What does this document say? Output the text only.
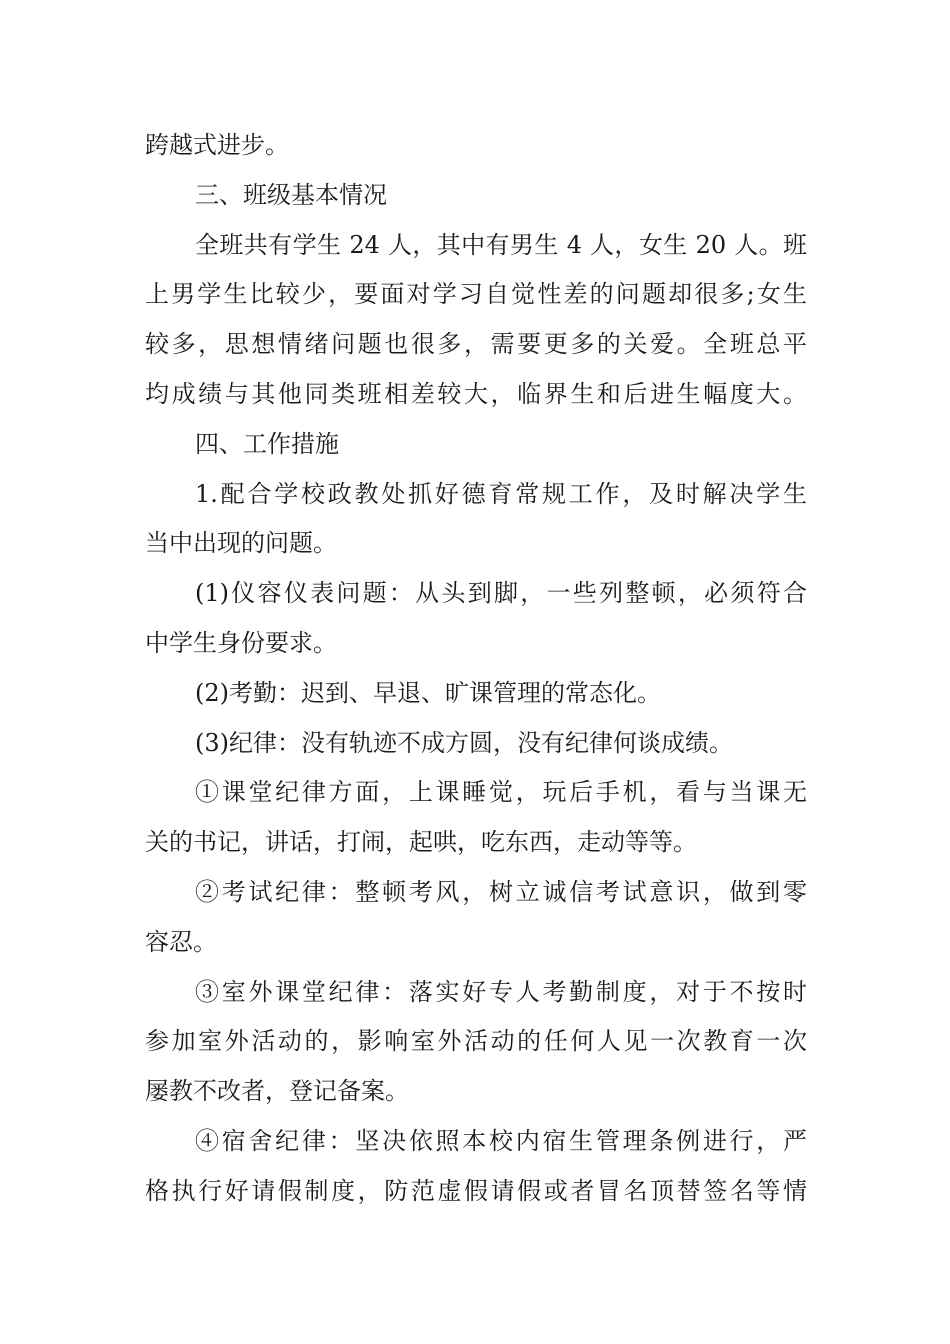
跨越式进步。
三、班级基本情况
全班共有学生 24 人，其中有男生 4 人，女生 20 人。班
上男学生比较少，要面对学习自觉性差的问题却很多;女生
较多，思想情绪问题也很多，需要更多的关爱。全班总平
均成绩与其他同类班相差较大，临界生和后进生幅度大。
四、工作措施
1.配合学校政教处抓好德育常规工作，及时解决学生
当中出现的问题。
(1)仪容仪表问题：从头到脚，一些列整顿，必须符合
中学生身份要求。
(2)考勤：迟到、早退、旷课管理的常态化。
(3)纪律：没有轨迹不成方圆，没有纪律何谈成绩。
①课堂纪律方面，上课睡觉，玩后手机，看与当课无
关的书记，讲话，打闹，起哄，吃东西，走动等等。
②考试纪律：整顿考风，树立诚信考试意识，做到零
容忍。
③室外课堂纪律：落实好专人考勤制度，对于不按时
参加室外活动的，影响室外活动的任何人见一次教育一次
屡教不改者，登记备案。
④宿舍纪律：坚决依照本校内宿生管理条例进行，严
格执行好请假制度，防范虚假请假或者冒名顶替签名等情
